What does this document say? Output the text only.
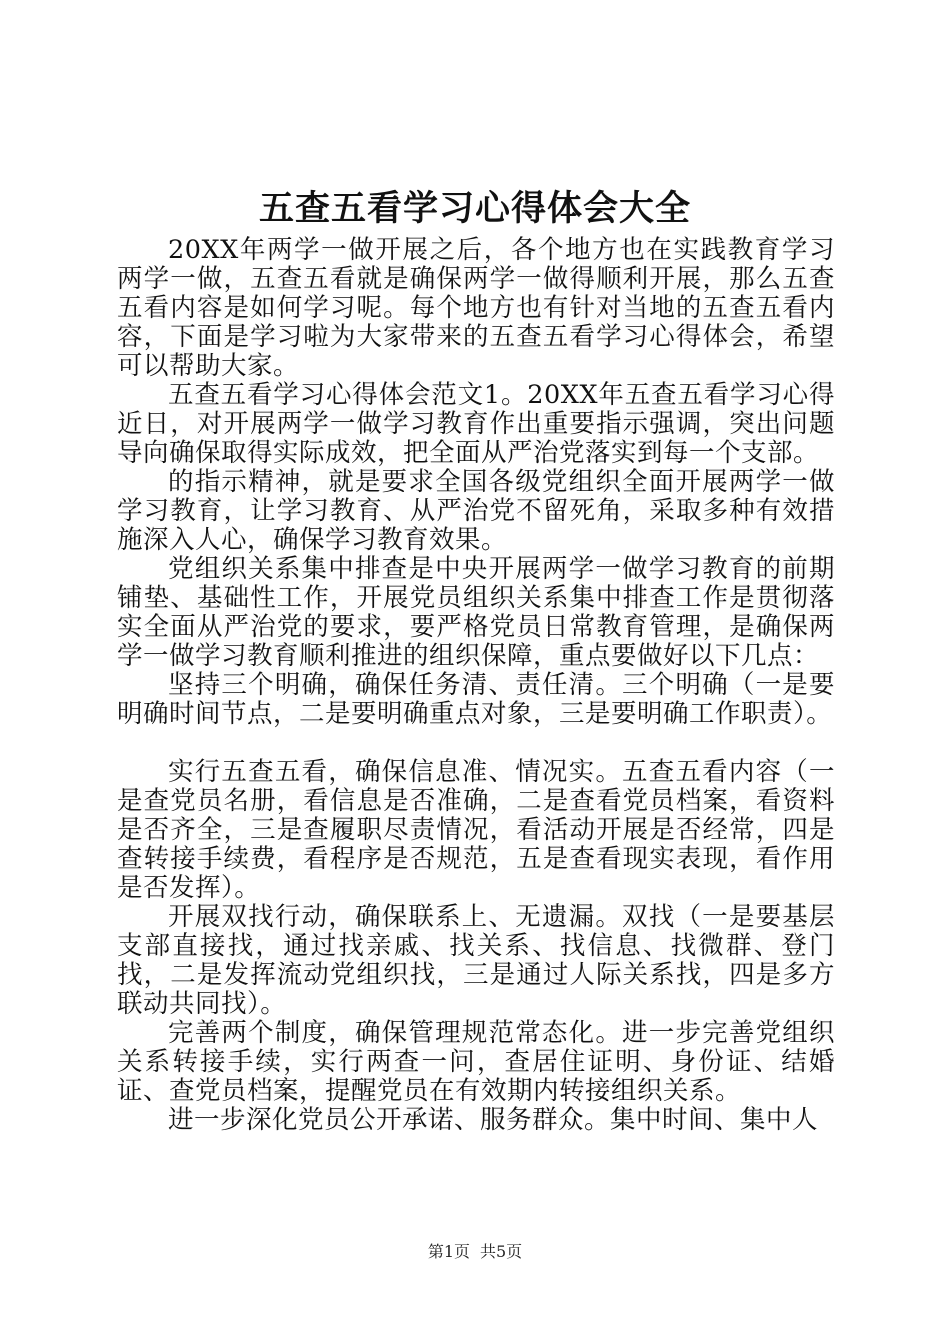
五查五看学习心得体会大全

20XX年两学一做开展之后，各个地方也在实践教育学习两学一做，五查五看就是确保两学一做得顺利开展，那么五查五看内容是如何学习呢。每个地方也有针对当地的五查五看内容，下面是学习啦为大家带来的五查五看学习心得体会，希望可以帮助大家。

五查五看学习心得体会范文1。20XX年五查五看学习心得近日，对开展两学一做学习教育作出重要指示强调，突出问题导向确保取得实际成效，把全面从严治党落实到每一个支部。

的指示精神，就是要求全国各级党组织全面开展两学一做学习教育，让学习教育、从严治党不留死角，采取多种有效措施深入人心，确保学习教育效果。

党组织关系集中排查是中央开展两学一做学习教育的前期铺垫、基础性工作，开展党员组织关系集中排查工作是贯彻落实全面从严治党的要求，要严格党员日常教育管理，是确保两学一做学习教育顺利推进的组织保障，重点要做好以下几点：

坚持三个明确，确保任务清、责任清。三个明确（一是要明确时间节点，二是要明确重点对象，三是要明确工作职责）。

实行五查五看，确保信息准、情况实。五查五看内容（一是查党员名册，看信息是否准确，二是查看党员档案，看资料是否齐全，三是查履职尽责情况，看活动开展是否经常，四是查转接手续费，看程序是否规范，五是查看现实表现，看作用是否发挥）。

开展双找行动，确保联系上、无遗漏。双找（一是要基层支部直接找，通过找亲戚、找关系、找信息、找微群、登门找，二是发挥流动党组织找，三是通过人际关系找，四是多方联动共同找）。

完善两个制度，确保管理规范常态化。进一步完善党组织关系转接手续，实行两查一问，查居住证明、身份证、结婚证、查党员档案，提醒党员在有效期内转接组织关系。

进一步深化党员公开承诺、服务群众。集中时间、集中人

第1页 共5页
